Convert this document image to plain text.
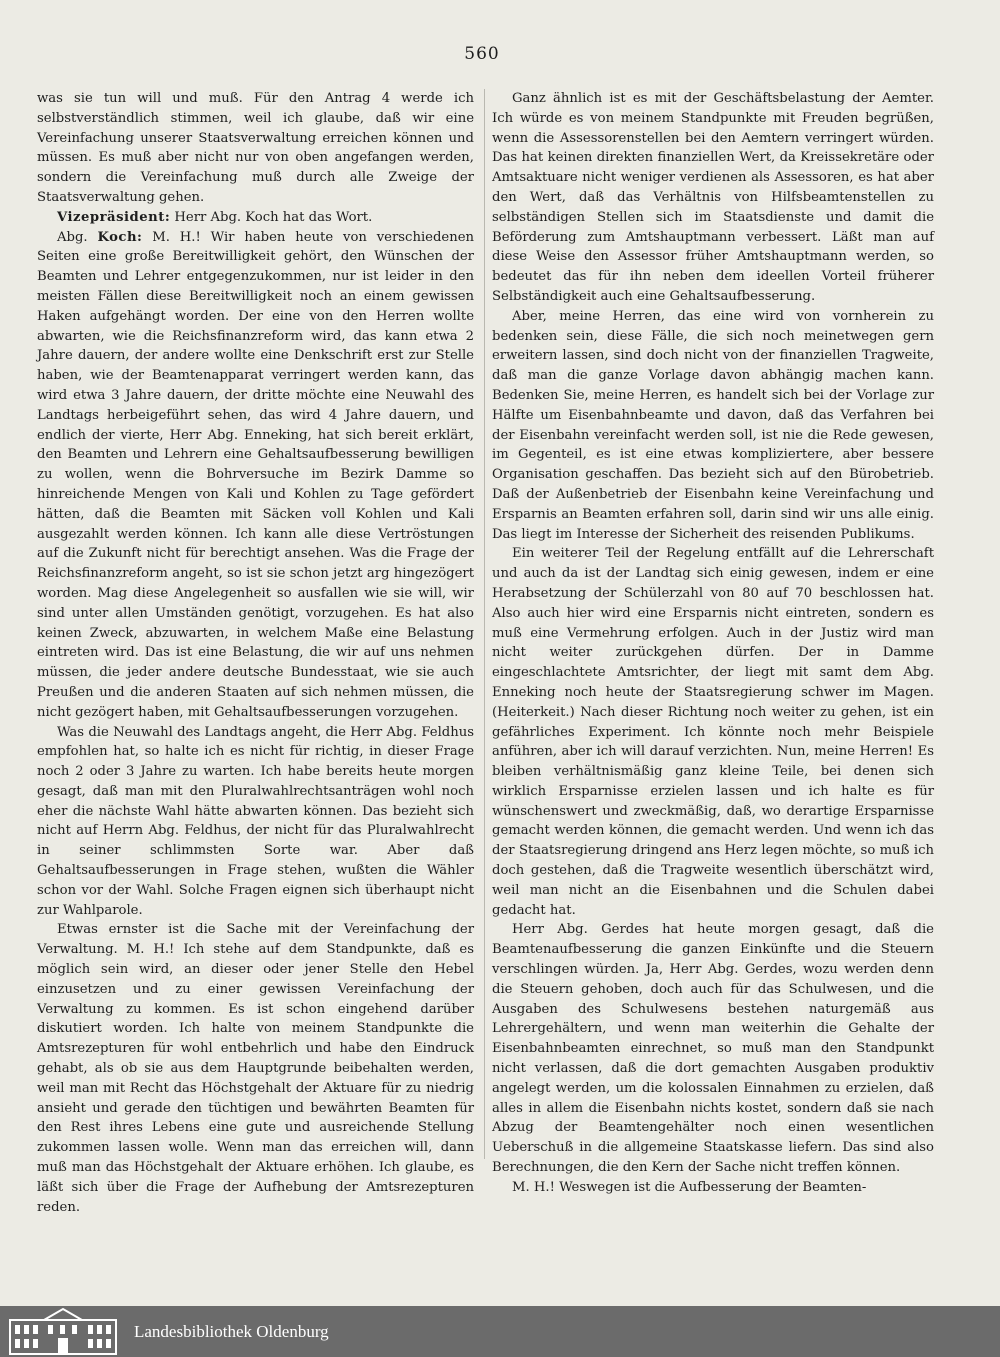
560

was sie tun will und muß. Für den Antrag 4 werde ich selbstverständlich stimmen, weil ich glaube, daß wir eine Vereinfachung unserer Staatsverwaltung erreichen können und müssen. Es muß aber nicht nur von oben angefangen werden, sondern die Vereinfachung muß durch alle Zweige der Staatsverwaltung gehen.

Vizepräsident: Herr Abg. Koch hat das Wort.

Abg. Koch: M. H.! Wir haben heute von verschiedenen Seiten eine große Bereitwilligkeit gehört, den Wünschen der Beamten und Lehrer entgegenzukommen, nur ist leider in den meisten Fällen diese Bereitwilligkeit noch an einem gewissen Haken aufgehängt worden. Der eine von den Herren wollte abwarten, wie die Reichsfinanzreform wird, das kann etwa 2 Jahre dauern, der andere wollte eine Denkschrift erst zur Stelle haben, wie der Beamtenapparat verringert werden kann, das wird etwa 3 Jahre dauern, der dritte möchte eine Neuwahl des Landtags herbeigeführt sehen, das wird 4 Jahre dauern, und endlich der vierte, Herr Abg. Enneking, hat sich bereit erklärt, den Beamten und Lehrern eine Gehaltsaufbesserung bewilligen zu wollen, wenn die Bohrversuche im Bezirk Damme so hinreichende Mengen von Kali und Kohlen zu Tage gefördert hätten, daß die Beamten mit Säcken voll Kohlen und Kali ausgezahlt werden können. Ich kann alle diese Vertröstungen auf die Zukunft nicht für berechtigt ansehen. Was die Frage der Reichsfinanzreform angeht, so ist sie schon jetzt arg hingezögert worden. Mag diese Angelegenheit so ausfallen wie sie will, wir sind unter allen Umständen genötigt, vorzugehen. Es hat also keinen Zweck, abzuwarten, in welchem Maße eine Belastung eintreten wird. Das ist eine Belastung, die wir auf uns nehmen müssen, die jeder andere deutsche Bundesstaat, wie sie auch Preußen und die anderen Staaten auf sich nehmen müssen, die nicht gezögert haben, mit Gehaltsaufbesserungen vorzugehen.

Was die Neuwahl des Landtags angeht, die Herr Abg. Feldhus empfohlen hat, so halte ich es nicht für richtig, in dieser Frage noch 2 oder 3 Jahre zu warten. Ich habe bereits heute morgen gesagt, daß man mit den Pluralwahlrechtsanträgen wohl noch eher die nächste Wahl hätte abwarten können. Das bezieht sich nicht auf Herrn Abg. Feldhus, der nicht für das Pluralwahlrecht in seiner schlimmsten Sorte war. Aber daß Gehaltsaufbesserungen in Frage stehen, wußten die Wähler schon vor der Wahl. Solche Fragen eignen sich überhaupt nicht zur Wahlparole.

Etwas ernster ist die Sache mit der Vereinfachung der Verwaltung. M. H.! Ich stehe auf dem Standpunkte, daß es möglich sein wird, an dieser oder jener Stelle den Hebel einzusetzen und zu einer gewissen Vereinfachung der Verwaltung zu kommen. Es ist schon eingehend darüber diskutiert worden. Ich halte von meinem Standpunkte die Amtsrezepturen für wohl entbehrlich und habe den Eindruck gehabt, als ob sie aus dem Hauptgrunde beibehalten werden, weil man mit Recht das Höchstgehalt der Aktuare für zu niedrig ansieht und gerade den tüchtigen und bewährten Beamten für den Rest ihres Lebens eine gute und ausreichende Stellung zukommen lassen wolle. Wenn man das erreichen will, dann muß man das Höchstgehalt der Aktuare erhöhen. Ich glaube, es läßt sich über die Frage der Aufhebung der Amtsrezepturen reden.

Ganz ähnlich ist es mit der Geschäftsbelastung der Aemter. Ich würde es von meinem Standpunkte mit Freuden begrüßen, wenn die Assessorenstellen bei den Aemtern verringert würden. Das hat keinen direkten finanziellen Wert, da Kreissekretäre oder Amtsaktuare nicht weniger verdienen als Assessoren, es hat aber den Wert, daß das Verhältnis von Hilfsbeamtenstellen zu selbständigen Stellen sich im Staatsdienste und damit die Beförderung zum Amtshauptmann verbessert. Läßt man auf diese Weise den Assessor früher Amtshauptmann werden, so bedeutet das für ihn neben dem ideellen Vorteil früherer Selbständigkeit auch eine Gehaltsaufbesserung.

Aber, meine Herren, das eine wird von vornherein zu bedenken sein, diese Fälle, die sich noch meinetwegen gern erweitern lassen, sind doch nicht von der finanziellen Tragweite, daß man die ganze Vorlage davon abhängig machen kann. Bedenken Sie, meine Herren, es handelt sich bei der Vorlage zur Hälfte um Eisenbahnbeamte und davon, daß das Verfahren bei der Eisenbahn vereinfacht werden soll, ist nie die Rede gewesen, im Gegenteil, es ist eine etwas kompliziertere, aber bessere Organisation geschaffen. Das bezieht sich auf den Bürobetrieb. Daß der Außenbetrieb der Eisenbahn keine Vereinfachung und Ersparnis an Beamten erfahren soll, darin sind wir uns alle einig. Das liegt im Interesse der Sicherheit des reisenden Publikums.

Ein weiterer Teil der Regelung entfällt auf die Lehrerschaft und auch da ist der Landtag sich einig gewesen, indem er eine Herabsetzung der Schülerzahl von 80 auf 70 beschlossen hat. Also auch hier wird eine Ersparnis nicht eintreten, sondern es muß eine Vermehrung erfolgen. Auch in der Justiz wird man nicht weiter zurückgehen dürfen. Der in Damme eingeschlachtete Amtsrichter, der liegt mit samt dem Abg. Enneking noch heute der Staatsregierung schwer im Magen. (Heiterkeit.) Nach dieser Richtung noch weiter zu gehen, ist ein gefährliches Experiment. Ich könnte noch mehr Beispiele anführen, aber ich will darauf verzichten. Nun, meine Herren! Es bleiben verhältnismäßig ganz kleine Teile, bei denen sich wirklich Ersparnisse erzielen lassen und ich halte es für wünschenswert und zweckmäßig, daß, wo derartige Ersparnisse gemacht werden können, die gemacht werden. Und wenn ich das der Staatsregierung dringend ans Herz legen möchte, so muß ich doch gestehen, daß die Tragweite wesentlich überschätzt wird, weil man nicht an die Eisenbahnen und die Schulen dabei gedacht hat.

Herr Abg. Gerdes hat heute morgen gesagt, daß die Beamtenaufbesserung die ganzen Einkünfte und die Steuern verschlingen würden. Ja, Herr Abg. Gerdes, wozu werden denn die Steuern gehoben, doch auch für das Schulwesen, und die Ausgaben des Schulwesens bestehen naturgemäß aus Lehrergehältern, und wenn man weiterhin die Gehalte der Eisenbahnbeamten einrechnet, so muß man den Standpunkt nicht verlassen, daß die dort gemachten Ausgaben produktiv angelegt werden, um die kolossalen Einnahmen zu erzielen, daß alles in allem die Eisenbahn nichts kostet, sondern daß sie nach Abzug der Beamtengehälter noch einen wesentlichen Ueberschuß in die allgemeine Staatskasse liefern. Das sind also Berechnungen, die den Kern der Sache nicht treffen können.

M. H.! Weswegen ist die Aufbesserung der Beamten-

Landesbibliothek Oldenburg
